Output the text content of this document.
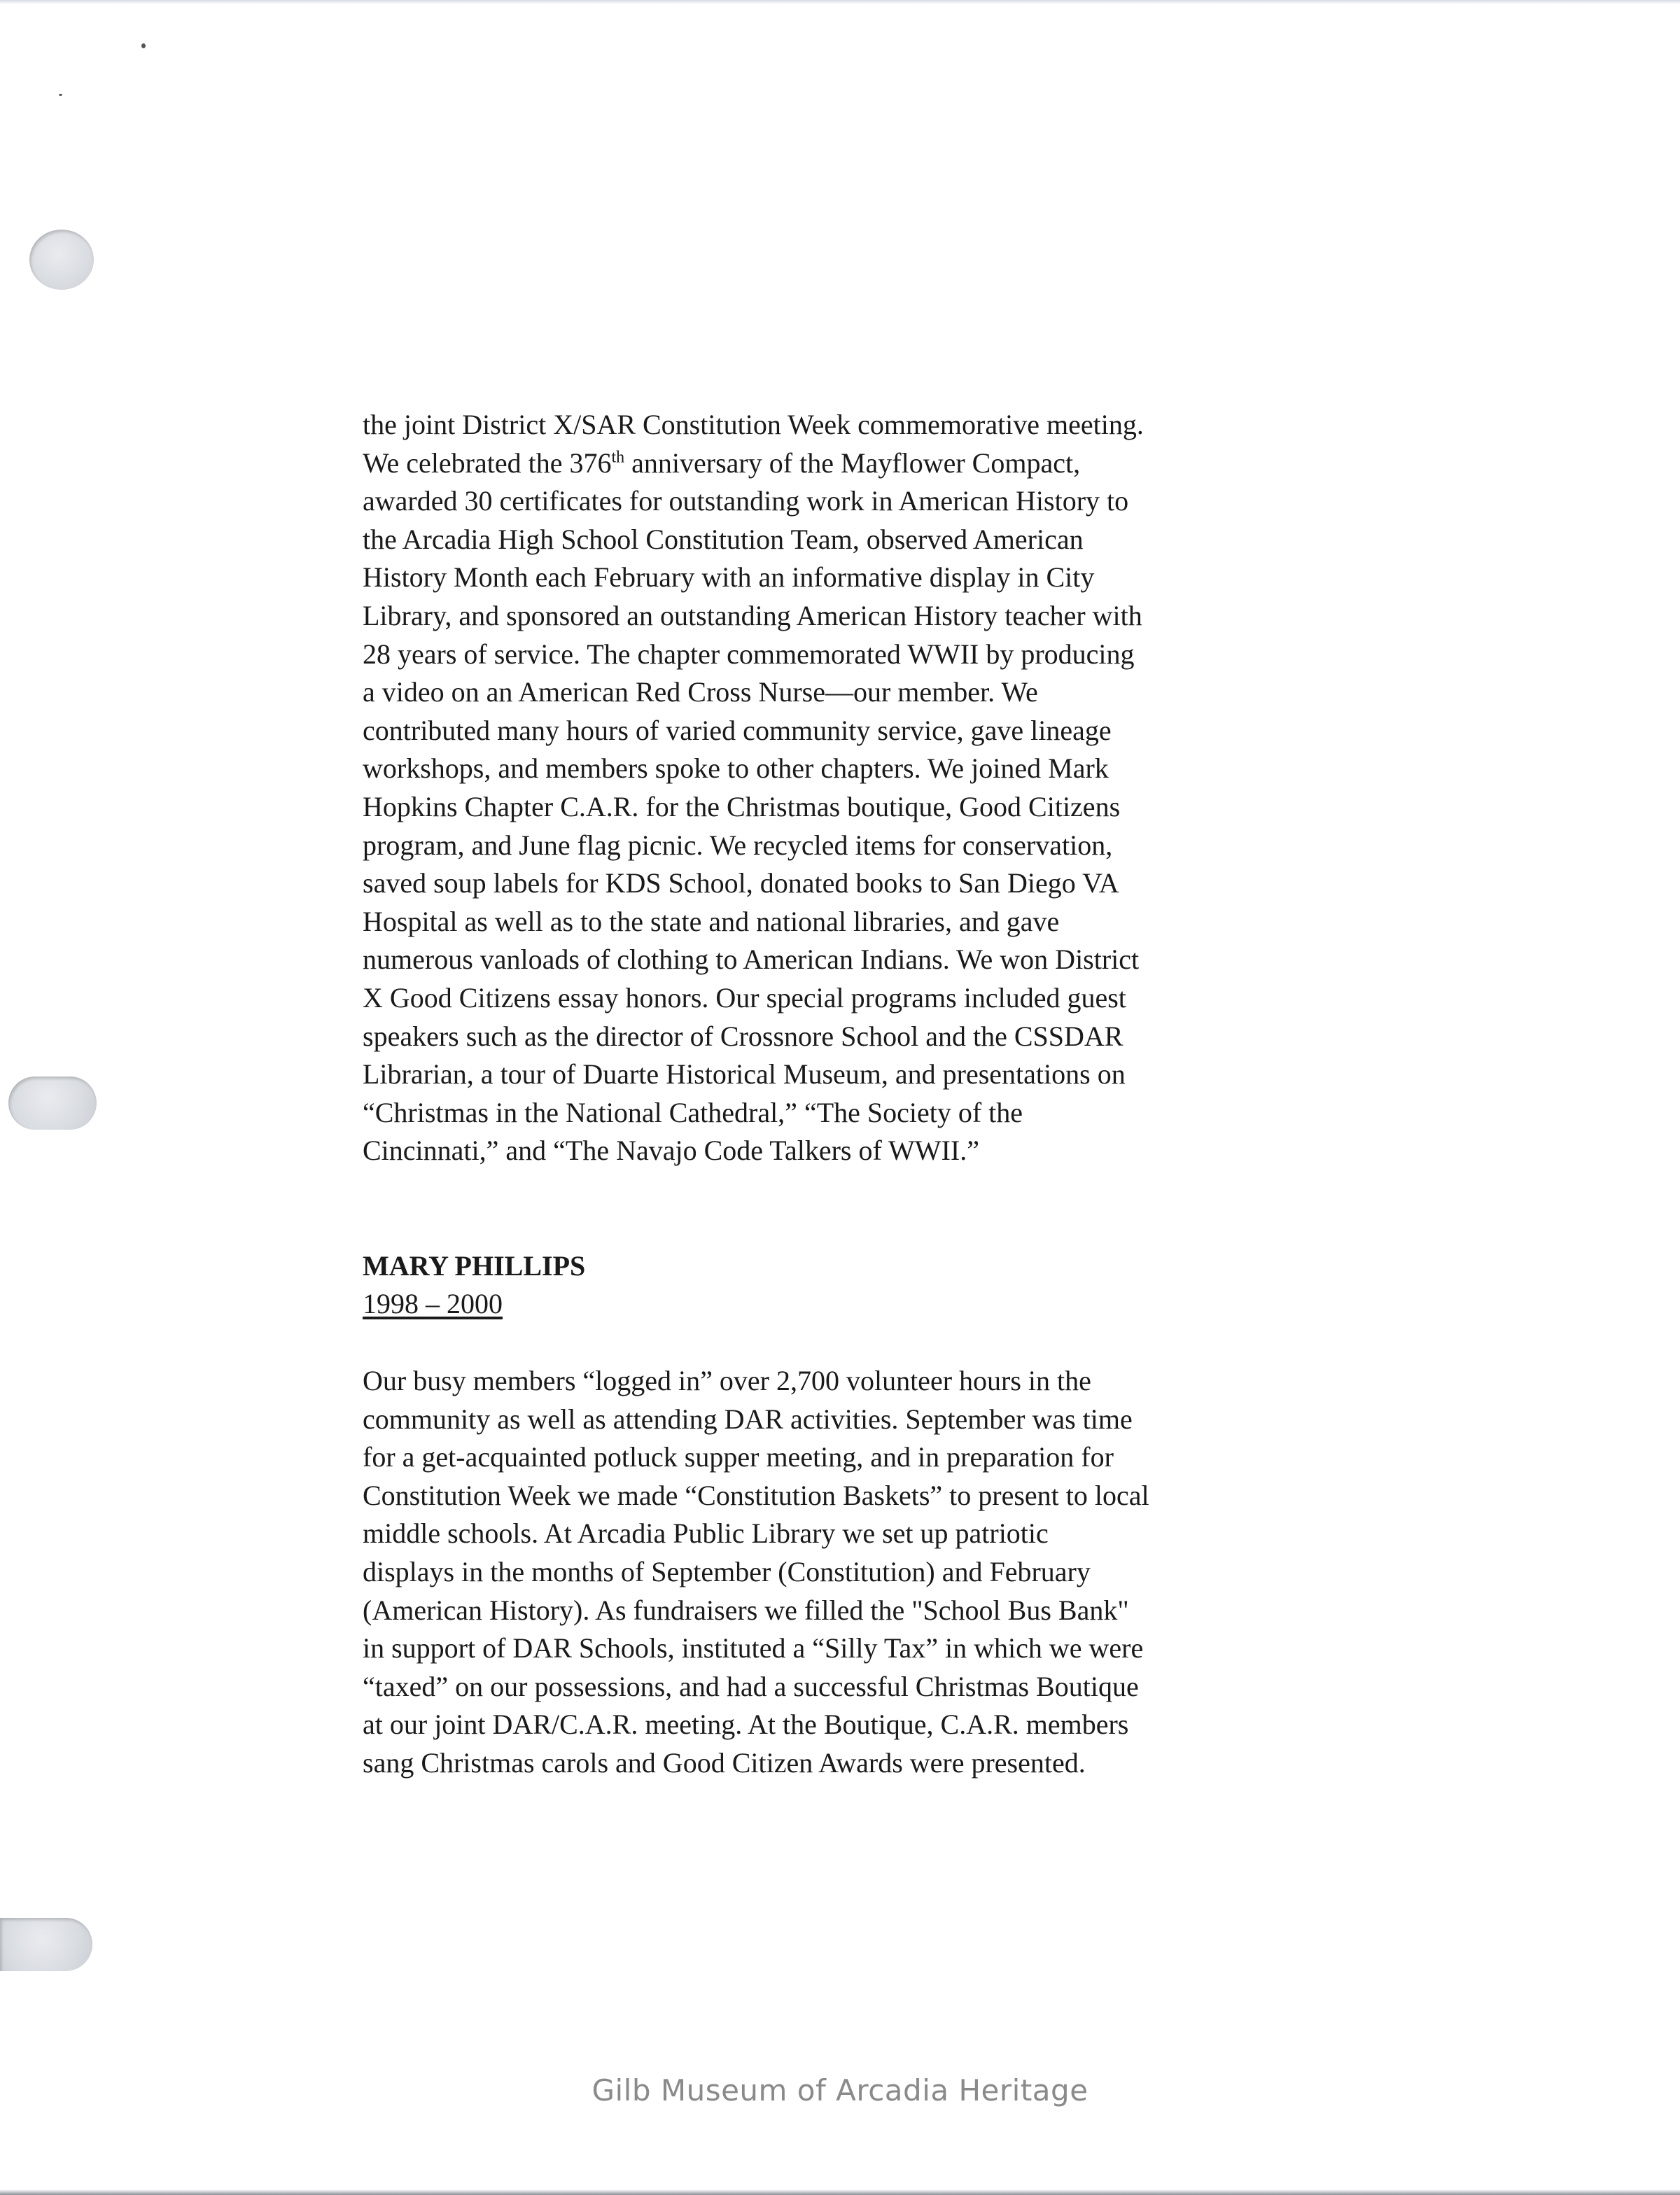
the joint District X/SAR Constitution Week commemorative meeting.
We celebrated the 376th anniversary of the Mayflower Compact,
awarded 30 certificates for outstanding work in American History to
the Arcadia High School Constitution Team, observed American
History Month each February with an informative display in City
Library, and sponsored an outstanding American History teacher with
28 years of service. The chapter commemorated WWII by producing
a video on an American Red Cross Nurse—our member. We
contributed many hours of varied community service, gave lineage
workshops, and members spoke to other chapters. We joined Mark
Hopkins Chapter C.A.R. for the Christmas boutique, Good Citizens
program, and June flag picnic. We recycled items for conservation,
saved soup labels for KDS School, donated books to San Diego VA
Hospital as well as to the state and national libraries, and gave
numerous vanloads of clothing to American Indians. We won District
X Good Citizens essay honors. Our special programs included guest
speakers such as the director of Crossnore School and the CSSDAR
Librarian, a tour of Duarte Historical Museum, and presentations on
“Christmas in the National Cathedral,” “The Society of the
Cincinnati,” and “The Navajo Code Talkers of WWII.”
MARY PHILLIPS
1998 – 2000
Our busy members “logged in” over 2,700 volunteer hours in the
community as well as attending DAR activities. September was time
for a get-acquainted potluck supper meeting, and in preparation for
Constitution Week we made “Constitution Baskets” to present to local
middle schools. At Arcadia Public Library we set up patriotic
displays in the months of September (Constitution) and February
(American History). As fundraisers we filled the "School Bus Bank"
in support of DAR Schools, instituted a “Silly Tax” in which we were
“taxed” on our possessions, and had a successful Christmas Boutique
at our joint DAR/C.A.R. meeting. At the Boutique, C.A.R. members
sang Christmas carols and Good Citizen Awards were presented.
Gilb Museum of Arcadia Heritage
